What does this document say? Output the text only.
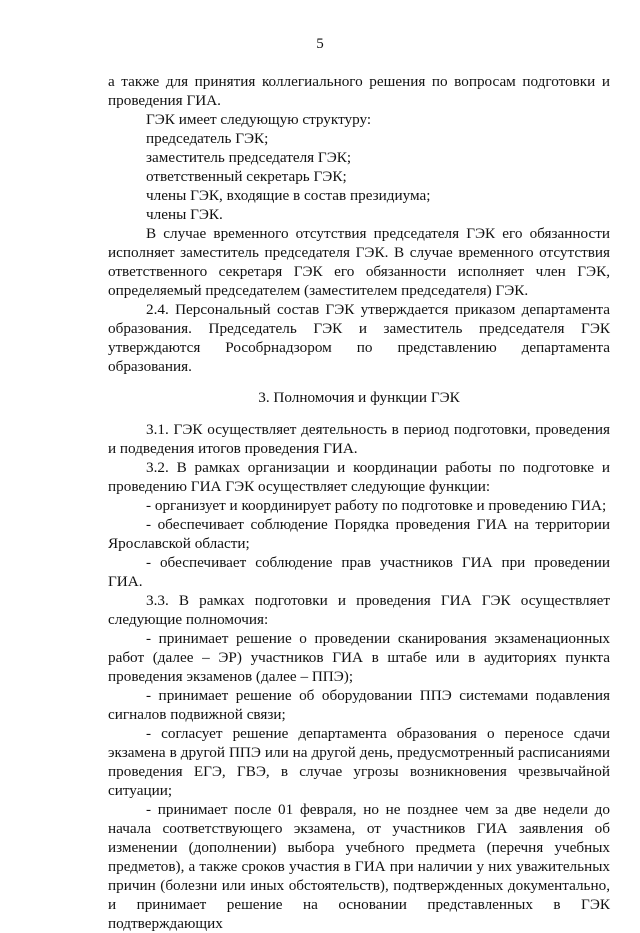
5

а также для принятия коллегиального решения по вопросам подготовки и проведения ГИА.

ГЭК имеет следующую структуру:

председатель ГЭК;

заместитель председателя ГЭК;

ответственный секретарь ГЭК;

члены ГЭК, входящие в состав президиума;

члены ГЭК.

В случае временного отсутствия председателя ГЭК его обязанности исполняет заместитель председателя ГЭК. В случае временного отсутствия ответственного секретаря ГЭК его обязанности исполняет член ГЭК, определяемый председателем (заместителем председателя) ГЭК.

2.4. Персональный состав ГЭК утверждается приказом департамента образования. Председатель ГЭК и заместитель председателя ГЭК утверждаются Рособрнадзором по представлению департамента образования.

3. Полномочия и функции ГЭК

3.1. ГЭК осуществляет деятельность в период подготовки, проведения и подведения итогов проведения ГИА.

3.2. В рамках организации и координации работы по подготовке и проведению ГИА ГЭК осуществляет следующие функции:

- организует и координирует работу по подготовке и проведению ГИА;

- обеспечивает соблюдение Порядка проведения ГИА на территории Ярославской области;

- обеспечивает соблюдение прав участников ГИА при проведении ГИА.

3.3. В рамках подготовки и проведения ГИА ГЭК осуществляет следующие полномочия:

- принимает решение о проведении сканирования экзаменационных работ (далее – ЭР) участников ГИА в штабе или в аудиториях пункта проведения экзаменов (далее – ППЭ);

- принимает решение об оборудовании ППЭ системами подавления сигналов подвижной связи;

- согласует решение департамента образования о переносе сдачи экзамена в другой ППЭ или на другой день, предусмотренный расписаниями проведения ЕГЭ, ГВЭ, в случае угрозы возникновения чрезвычайной ситуации;

- принимает после 01 февраля, но не позднее чем за две недели до начала соответствующего экзамена, от участников ГИА заявления об изменении (дополнении) выбора учебного предмета (перечня учебных предметов), а также сроков участия в ГИА при наличии у них уважительных причин (болезни или иных обстоятельств), подтвержденных документально, и принимает решение на основании представленных в ГЭК подтверждающих
